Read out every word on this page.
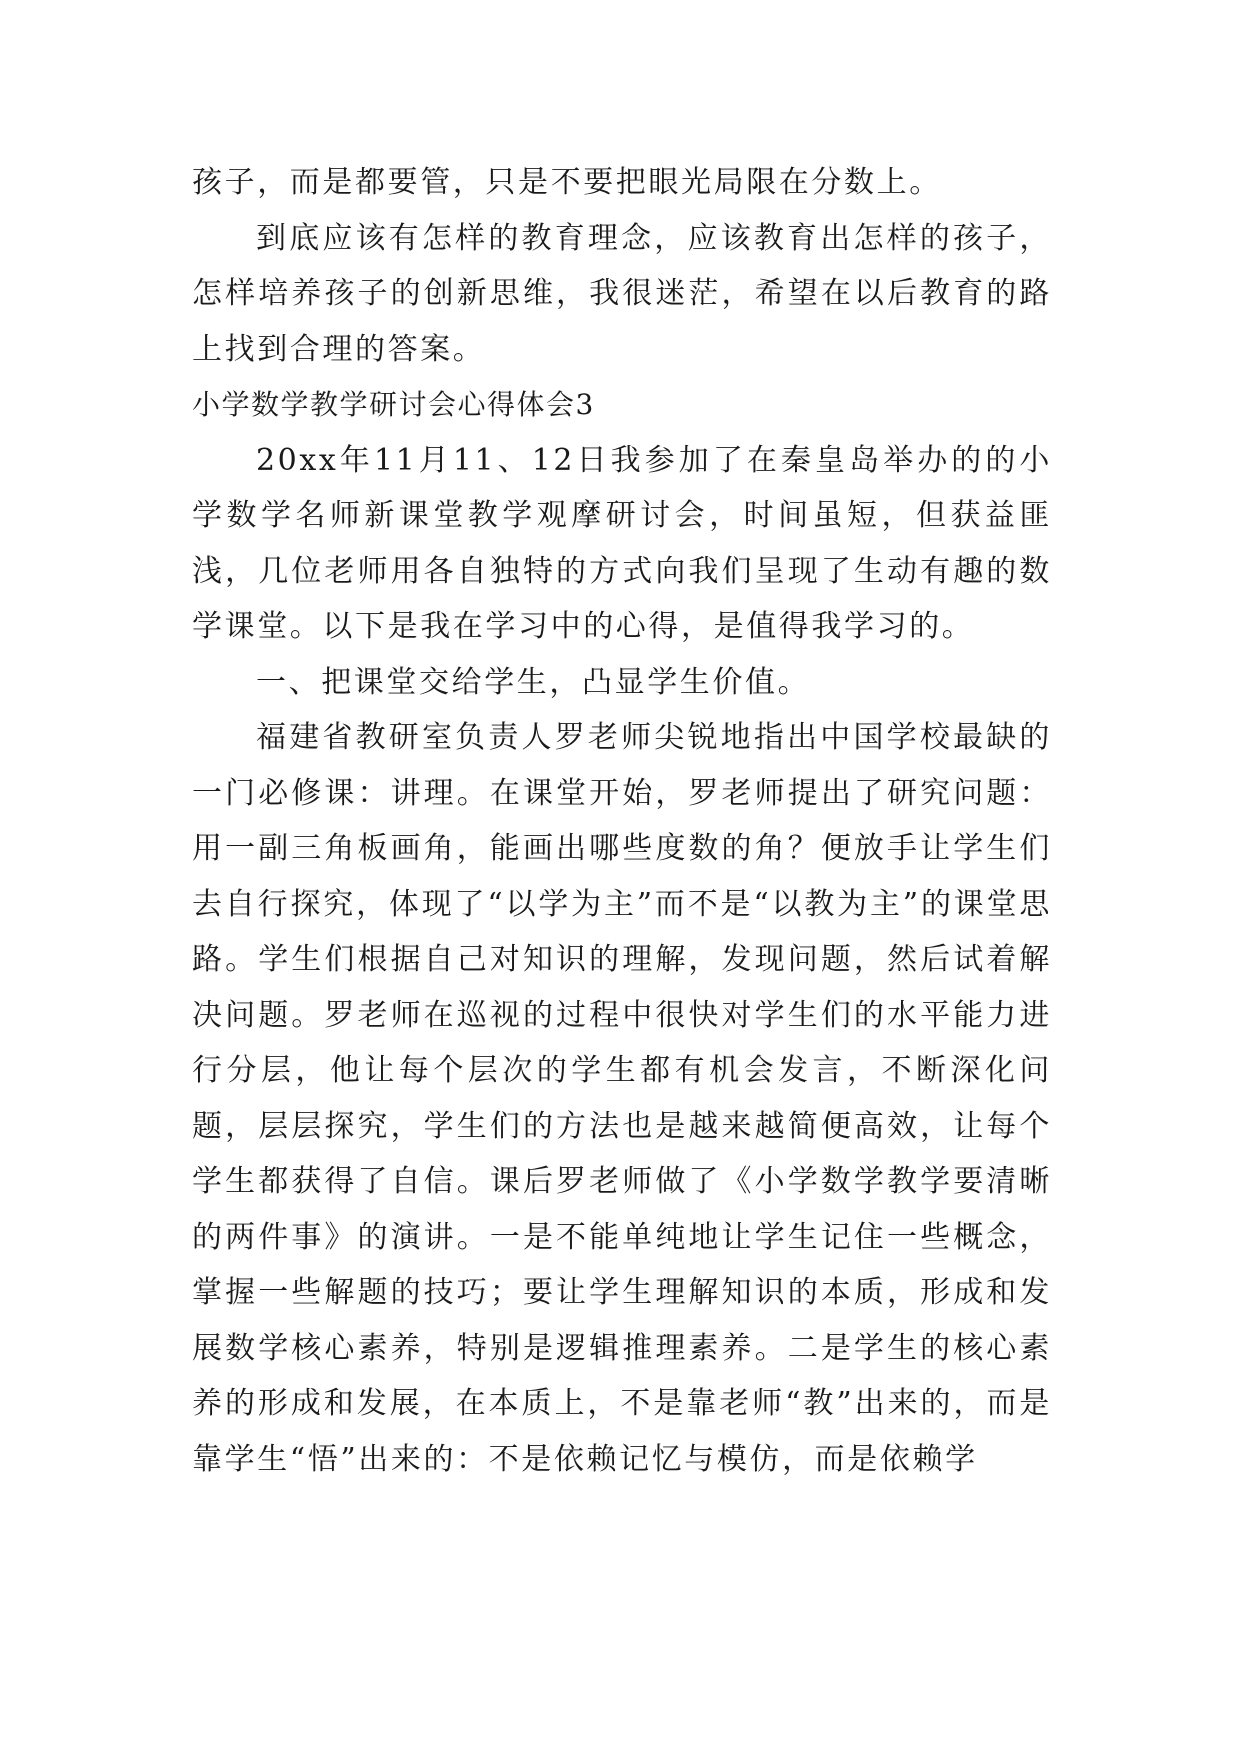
孩子，而是都要管，只是不要把眼光局限在分数上。

到底应该有怎样的教育理念，应该教育出怎样的孩子，怎样培养孩子的创新思维，我很迷茫，希望在以后教育的路上找到合理的答案。

小学数学教学研讨会心得体会3

20xx年11月11、12日我参加了在秦皇岛举办的的小学数学名师新课堂教学观摩研讨会，时间虽短，但获益匪浅，几位老师用各自独特的方式向我们呈现了生动有趣的数学课堂。以下是我在学习中的心得，是值得我学习的。

一、把课堂交给学生，凸显学生价值。

福建省教研室负责人罗老师尖锐地指出中国学校最缺的一门必修课：讲理。在课堂开始，罗老师提出了研究问题：用一副三角板画角，能画出哪些度数的角？便放手让学生们去自行探究，体现了“以学为主”而不是“以教为主”的课堂思路。学生们根据自己对知识的理解，发现问题，然后试着解决问题。罗老师在巡视的过程中很快对学生们的水平能力进行分层，他让每个层次的学生都有机会发言，不断深化问题，层层探究，学生们的方法也是越来越简便高效，让每个学生都获得了自信。课后罗老师做了《小学数学教学要清晰的两件事》的演讲。一是不能单纯地让学生记住一些概念，掌握一些解题的技巧；要让学生理解知识的本质，形成和发展数学核心素养，特别是逻辑推理素养。二是学生的核心素养的形成和发展，在本质上，不是靠老师“教”出来的，而是靠学生“悟”出来的：不是依赖记忆与模仿，而是依赖学
